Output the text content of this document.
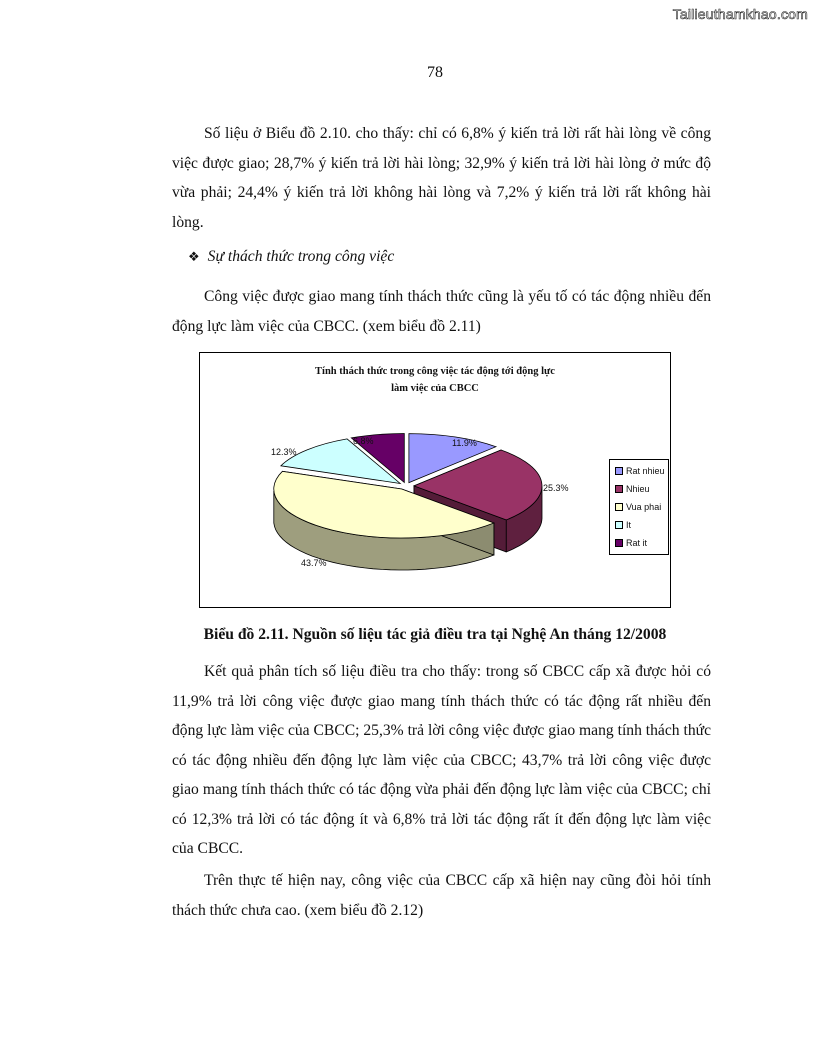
Tailieuthamkhao.com
78

Số liệu ở Biểu đồ 2.10. cho thấy: chỉ có 6,8% ý kiến trả lời rất hài lòng về công việc được giao; 28,7% ý kiến trả lời hài lòng; 32,9% ý kiến trả lời hài lòng ở mức độ vừa phải; 24,4% ý kiến trả lời không hài lòng và 7,2% ý kiến trả lời rất không hài lòng.

❖ Sự thách thức trong công việc

Công việc được giao mang tính thách thức cũng là yếu tố có tác động nhiều đến động lực làm việc của CBCC. (xem biểu đồ 2.11)

Tính thách thức trong công việc tác động tới động lực
làm việc của CBCC
11.9%
25.3%
43.7%
12.3%
6.8%
Rat nhieu
Nhieu
Vua phai
It
Rat it
Biểu đồ 2.11. Nguồn số liệu tác giả điều tra tại Nghệ An tháng 12/2008

Kết quả phân tích số liệu điều tra cho thấy: trong số CBCC cấp xã được hỏi có 11,9% trả lời công việc được giao mang tính thách thức có tác động rất nhiều đến động lực làm việc của CBCC; 25,3% trả lời công việc được giao mang tính thách thức có tác động nhiều đến động lực làm việc của CBCC; 43,7% trả lời công việc được giao mang tính thách thức có tác động vừa phải đến động lực làm việc của CBCC; chỉ có 12,3% trả lời có tác động ít và 6,8% trả lời tác động rất ít đến động lực làm việc của CBCC.

Trên thực tế hiện nay, công việc của CBCC cấp xã hiện nay cũng đòi hỏi tính thách thức chưa cao. (xem biểu đồ 2.12)
